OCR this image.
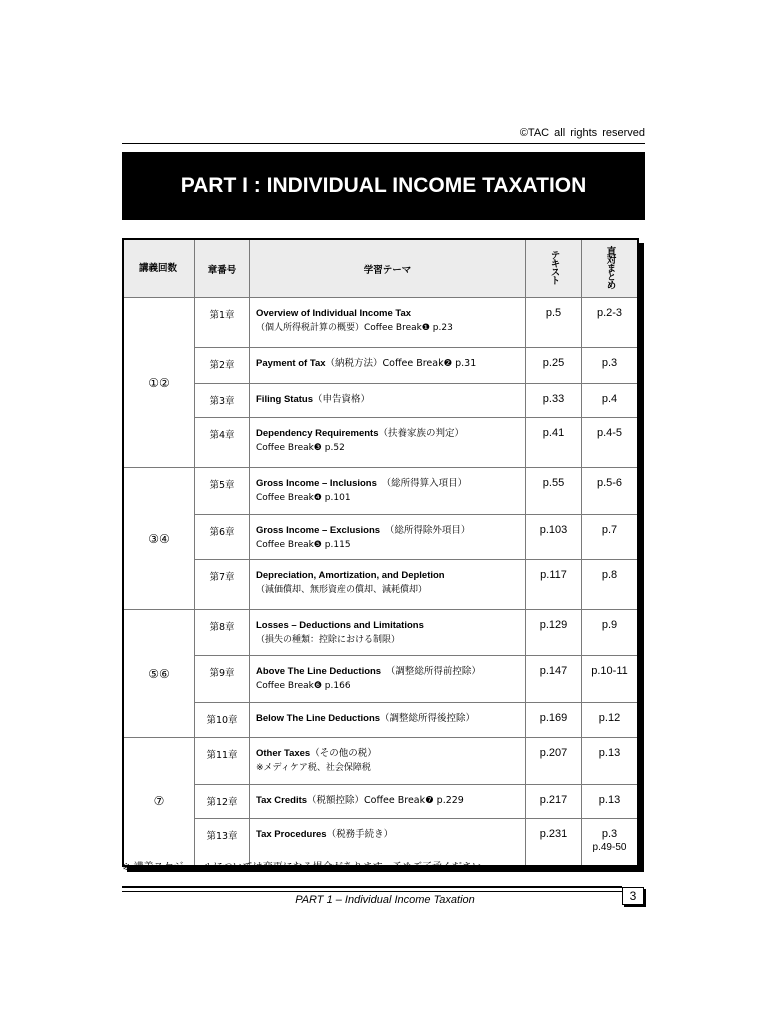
©TAC all rights reserved
PART I : INDIVIDUAL INCOME TAXATION
講義回数	章番号	学習テーマ	テキスト	直対まとめ
①②	第1章	Overview of Individual Income Tax
（個人所得税計算の概要）Coffee Break❶ p.23	p.5	p.2-3

	第2章	Payment of Tax（納税方法）Coffee Break❷ p.31	p.25	p.3

	第3章	Filing Status（申告資格）	p.33	p.4

	第4章	Dependency Requirements（扶養家族の判定）
Coffee Break❸ p.52	p.41	p.4-5

③④	第5章	Gross Income – Inclusions　（総所得算入項目）
Coffee Break❹ p.101	p.55	p.5-6

	第6章	Gross Income – Exclusions　（総所得除外項目）
Coffee Break❺ p.115	p.103	p.7

	第7章	Depreciation, Amortization, and Depletion
（減価償却、無形資産の償却、減耗償却）	p.117	p.8

⑤⑥	第8章	Losses – Deductions and Limitations
（損失の種類：控除における制限）	p.129	p.9

	第9章	Above The Line Deductions　（調整総所得前控除）
Coffee Break❻ p.166	p.147	p.10-11

	第10章	Below The Line Deductions（調整総所得後控除）	p.169	p.12

⑦	第11章	Other Taxes（その他の税）
※メディケア税、社会保障税	p.207	p.13

	第12章	Tax Credits（税額控除）Coffee Break❼ p.229	p.217	p.13

	第13章	Tax Procedures（税務手続き）	p.231	p.3
p.49-50
※ 講義スケジュールについては変更になる場合があります。予めご了承ください。
PART 1 – Individual Income Taxation	3
